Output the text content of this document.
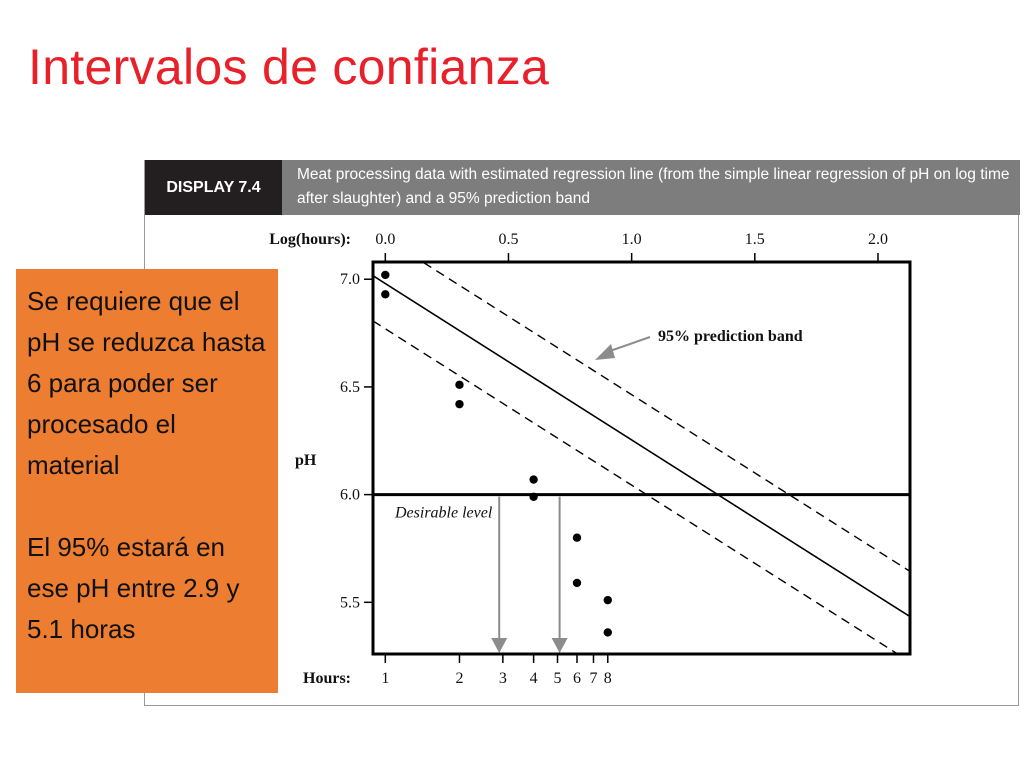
Intervalos de confianza
DISPLAY 7.4
Meat processing data with estimated regression line (from the simple linear regression of pH on log time after slaughter) and a 95% prediction band
Desirable level
Log(hours): 0.0	0.5	1.0	1.5	2.0
Hours: 1	2 3 4 5 6 7 8
pH
7.0
6.5
6.0
5.5
95% prediction band

Se requiere que el pH se reduzca hasta 6 para poder ser procesado el material

El 95% estará en ese pH entre 2.9 y 5.1 horas
